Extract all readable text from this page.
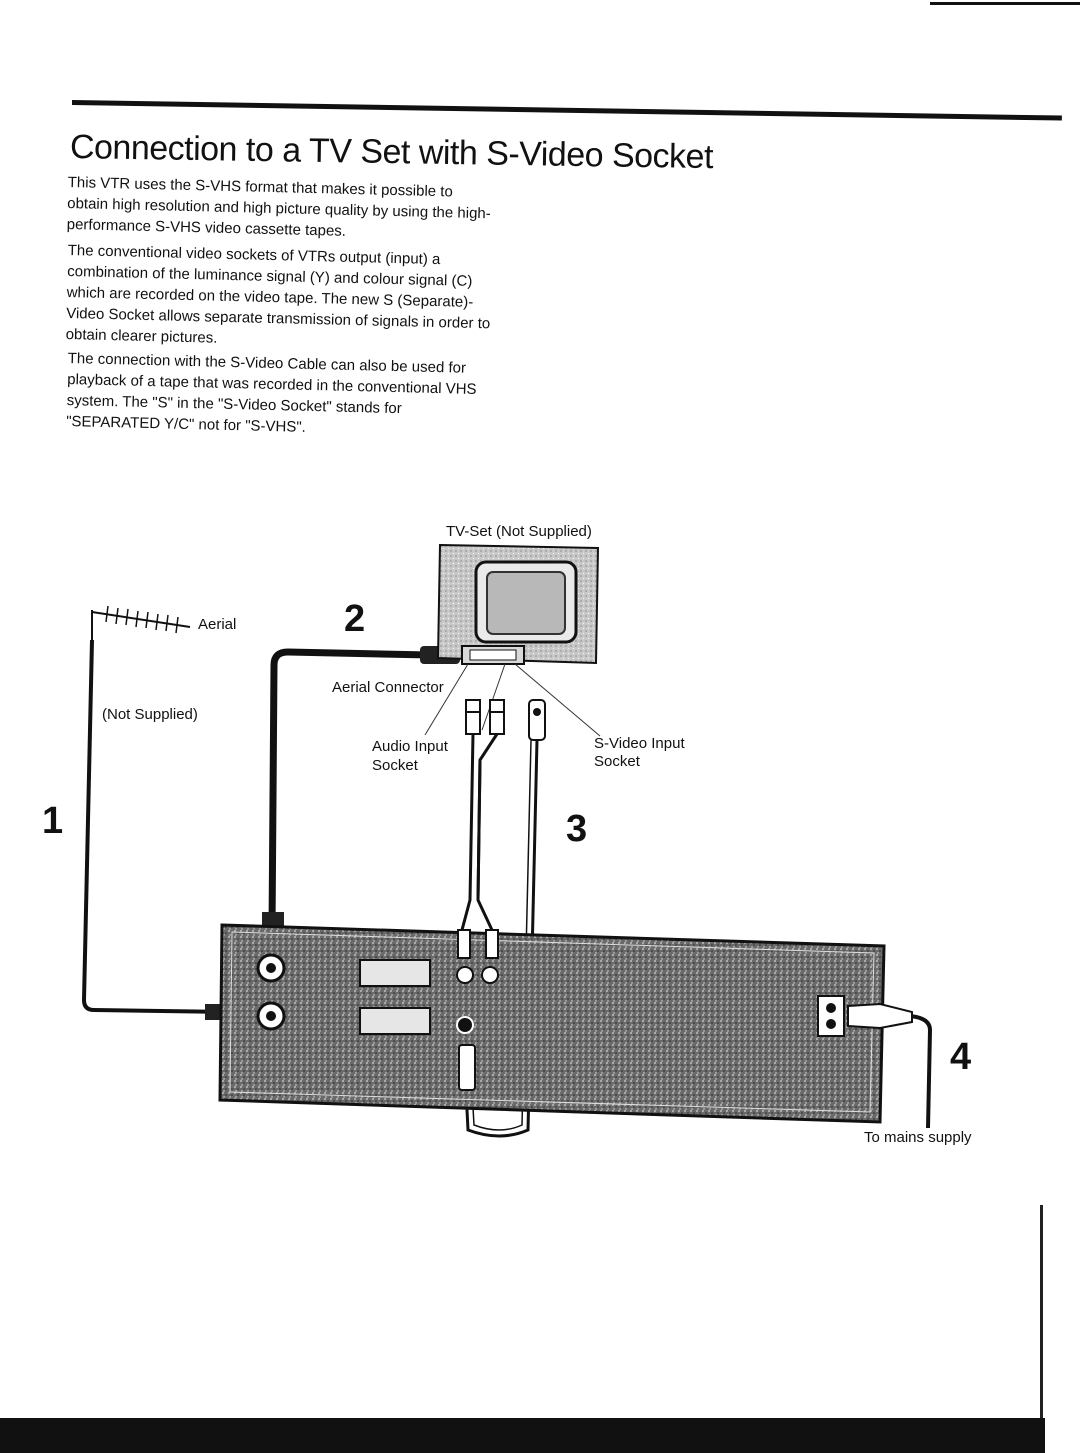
Connection to a TV Set with S-Video Socket
This VTR uses the S-VHS format that makes it possible to obtain high resolution and high picture quality by using the high-performance S-VHS video cassette tapes.
The conventional video sockets of VTRs output (input) a combination of the luminance signal (Y) and colour signal (C) which are recorded on the video tape. The new S (Separate)-Video Socket allows separate transmission of signals in order to obtain clearer pictures.
The connection with the S-Video Cable can also be used for playback of a tape that was recorded in the conventional VHS system. The "S" in the "S-Video Socket" stands for "SEPARATED Y/C" not for "S-VHS".
TV-Set (Not Supplied)
Aerial
(Not Supplied)
Aerial Connector
Audio Input
Socket
S-Video Input
Socket
To mains supply
1
2
3
4
